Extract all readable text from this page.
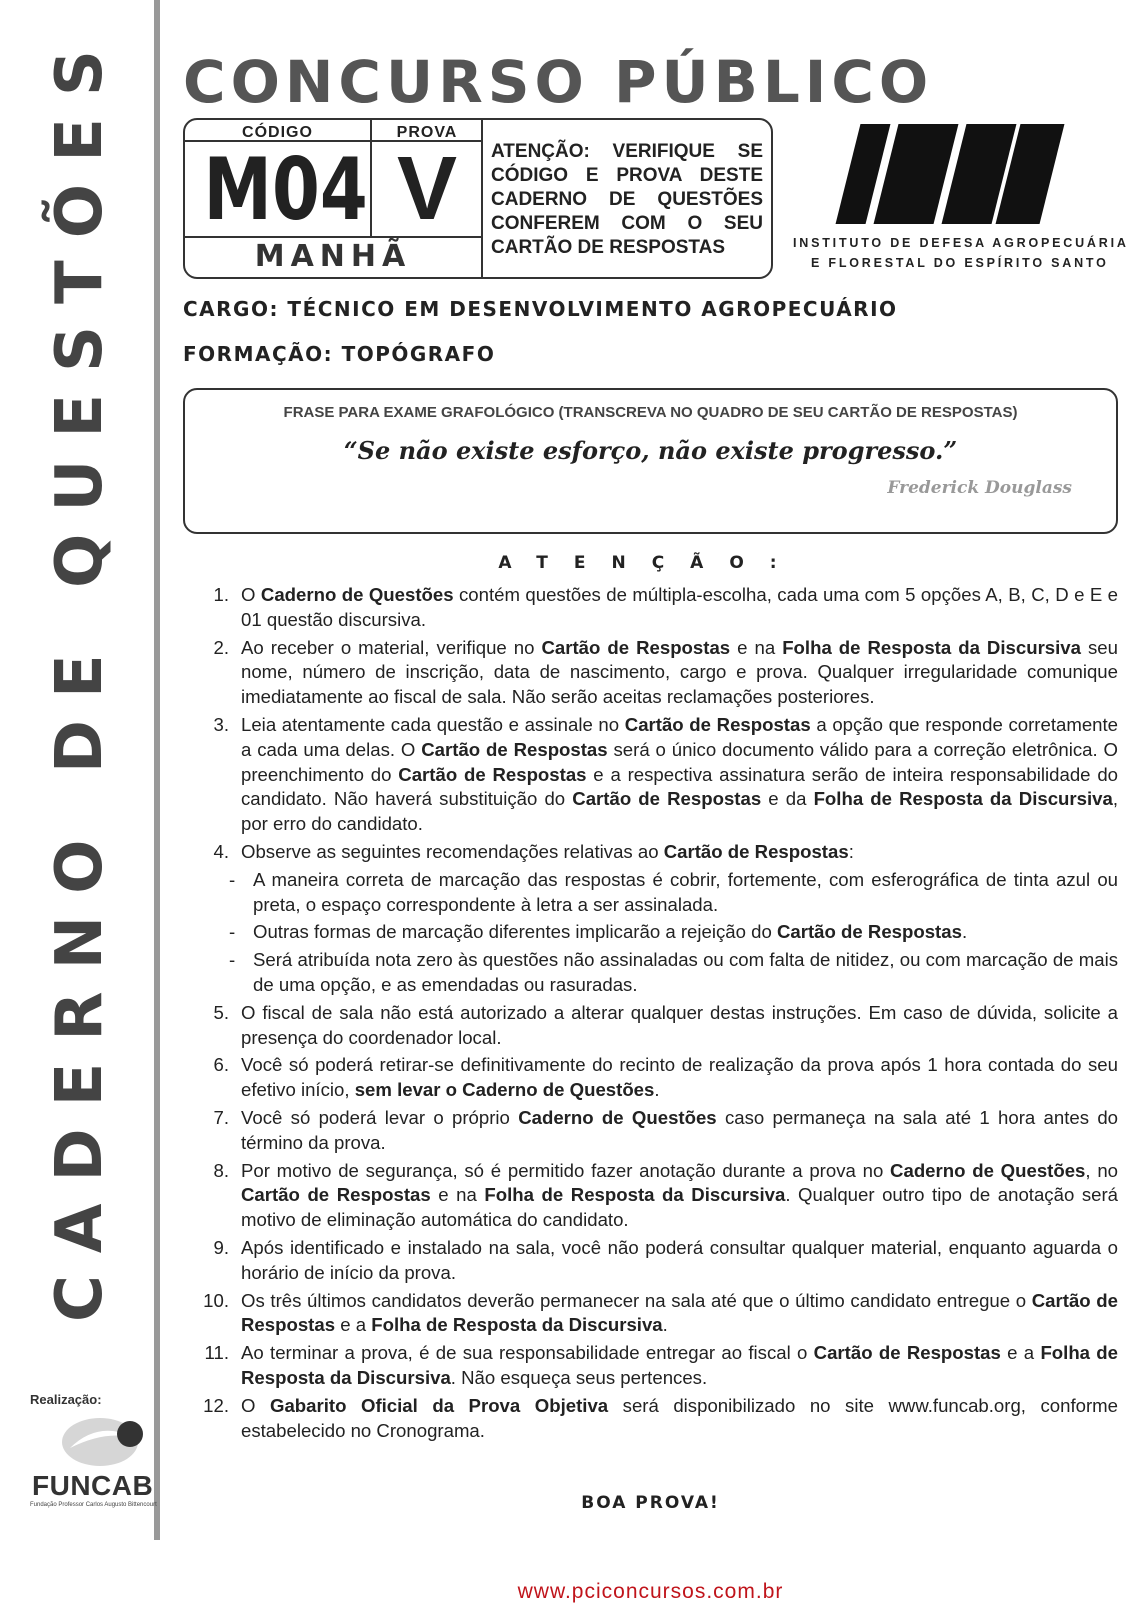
CADERNO DE QUESTÕES
Realização:
FUNCAB
Fundação Professor Carlos Augusto Bittencourt
CONCURSO PÚBLICO
CÓDIGO
M04
PROVA
V
MANHÃ
ATENÇÃO: VERIFIQUE SE CÓDIGO E PROVA DESTE CADERNO DE QUESTÕES CONFEREM COM O SEU CARTÃO DE RESPOSTAS	INSTITUTO DE DEFESA AGROPECUÁRIA
E FLORESTAL DO ESPÍRITO SANTO
CARGO: TÉCNICO EM DESENVOLVIMENTO AGROPECUÁRIO
FORMAÇÃO: TOPÓGRAFO
FRASE PARA EXAME GRAFOLÓGICO (TRANSCREVA NO QUADRO DE SEU CARTÃO DE RESPOSTAS)
“Se não existe esforço, não existe progresso.”
Frederick Douglass
ATENÇÃO:
1. O Caderno de Questões contém questões de múltipla-escolha, cada uma com 5 opções A, B, C, D e E e 01 questão discursiva.
2. Ao receber o material, verifique no Cartão de Respostas e na Folha de Resposta da Discursiva seu nome, número de inscrição, data de nascimento, cargo e prova. Qualquer irregularidade comunique imediatamente ao fiscal de sala. Não serão aceitas reclamações posteriores.
3. Leia atentamente cada questão e assinale no Cartão de Respostas a opção que responde corretamente a cada uma delas. O Cartão de Respostas será o único documento válido para a correção eletrônica. O preenchimento do Cartão de Respostas e a respectiva assinatura serão de inteira responsabilidade do candidato. Não haverá substituição do Cartão de Respostas e da Folha de Resposta da Discursiva, por erro do candidato.
4. Observe as seguintes recomendações relativas ao Cartão de Respostas:
- A maneira correta de marcação das respostas é cobrir, fortemente, com esferográfica de tinta azul ou preta, o espaço correspondente à letra a ser assinalada.
- Outras formas de marcação diferentes implicarão a rejeição do Cartão de Respostas.
- Será atribuída nota zero às questões não assinaladas ou com falta de nitidez, ou com marcação de mais de uma opção, e as emendadas ou rasuradas.
5. O fiscal de sala não está autorizado a alterar qualquer destas instruções. Em caso de dúvida, solicite a presença do coordenador local.
6. Você só poderá retirar-se definitivamente do recinto de realização da prova após 1 hora contada do seu efetivo início, sem levar o Caderno de Questões.
7. Você só poderá levar o próprio Caderno de Questões caso permaneça na sala até 1 hora antes do término da prova.
8. Por motivo de segurança, só é permitido fazer anotação durante a prova no Caderno de Questões, no Cartão de Respostas e na Folha de Resposta da Discursiva. Qualquer outro tipo de anotação será motivo de eliminação automática do candidato.
9. Após identificado e instalado na sala, você não poderá consultar qualquer material, enquanto aguarda o horário de início da prova.
10. Os três últimos candidatos deverão permanecer na sala até que o último candidato entregue o Cartão de Respostas e a Folha de Resposta da Discursiva.
11. Ao terminar a prova, é de sua responsabilidade entregar ao fiscal o Cartão de Respostas e a Folha de Resposta da Discursiva. Não esqueça seus pertences.
12. O Gabarito Oficial da Prova Objetiva será disponibilizado no site www.funcab.org, conforme estabelecido no Cronograma.
BOA PROVA!
www.pciconcursos.com.br
